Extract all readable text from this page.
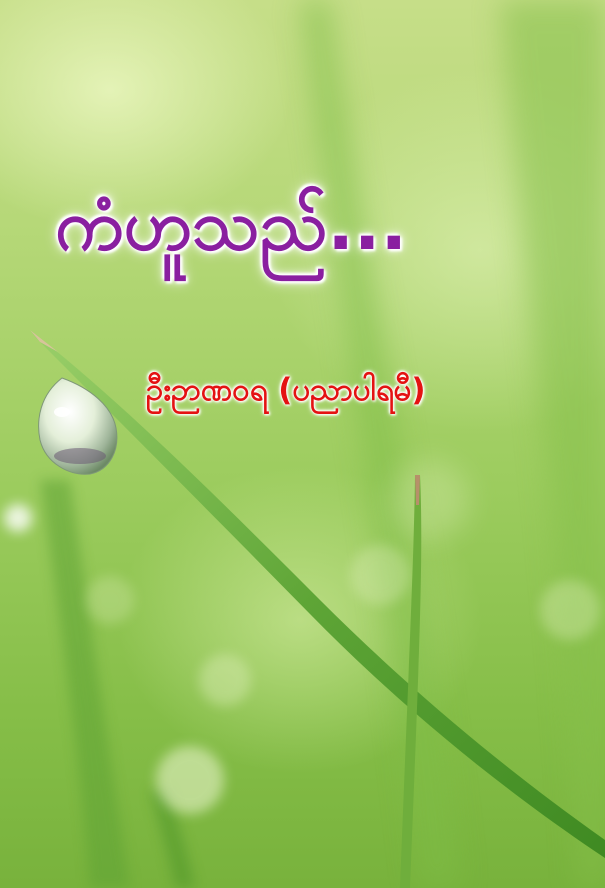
ကံဟူသည်...

ဦးဉာဏဝရ (ပညာပါရမီ)
